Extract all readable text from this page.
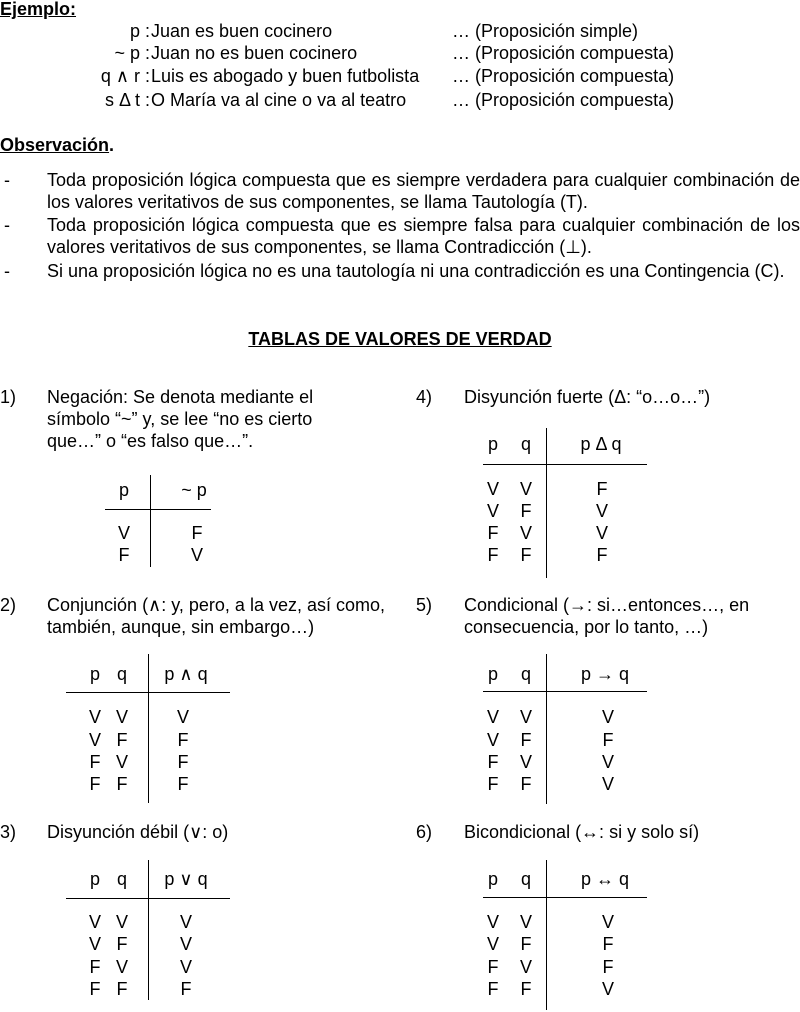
Ejemplo:
p : Juan es buen cocinero	… (Proposición simple)
~ p : Juan no es buen cocinero	… (Proposición compuesta)
q ∧ r : Luis es abogado y buen futbolista … (Proposición compuesta)
s Δ t : O María va al cine o va al teatro	… (Proposición compuesta)
Observación.
- Toda proposición lógica compuesta que es siempre verdadera para cualquier combinación de los valores veritativos de sus componentes, se llama Tautología (T).
- Toda proposición lógica compuesta que es siempre falsa para cualquier combinación de los valores veritativos de sus componentes, se llama Contradicción (⊥).
- Si una proposición lógica no es una tautología ni una contradicción es una Contingencia (C).
TABLAS DE VALORES DE VERDAD
1) Negación: Se denota mediante el símbolo “~” y, se lee “no es cierto que…” o “es falso que…”.
p	~ p
V	F
F	V
2) Conjunción (∧: y, pero, a la vez, así como, también, aunque, sin embargo…)
p q	p ∧ q
V V	V
V F	F
F V	F
F F	F
3) Disyunción débil (∨: o)
p q	p ∨ q
V V	V
V F	V
F V	V
F F	F
4) Disyunción fuerte (Δ: “o…o…”)
p	q	p Δ q
V	V	F
V	F	V
F	V	V
F	F	F
5) Condicional (→: si…entonces…, en consecuencia, por lo tanto, …)
p	q	p → q
V	V	V
V	F	F
F	V	V
F	F	V
6) Bicondicional (↔: si y solo sí)
p	q	p ↔ q
V	V	V
V	F	F
F	V	F
F	F	V
